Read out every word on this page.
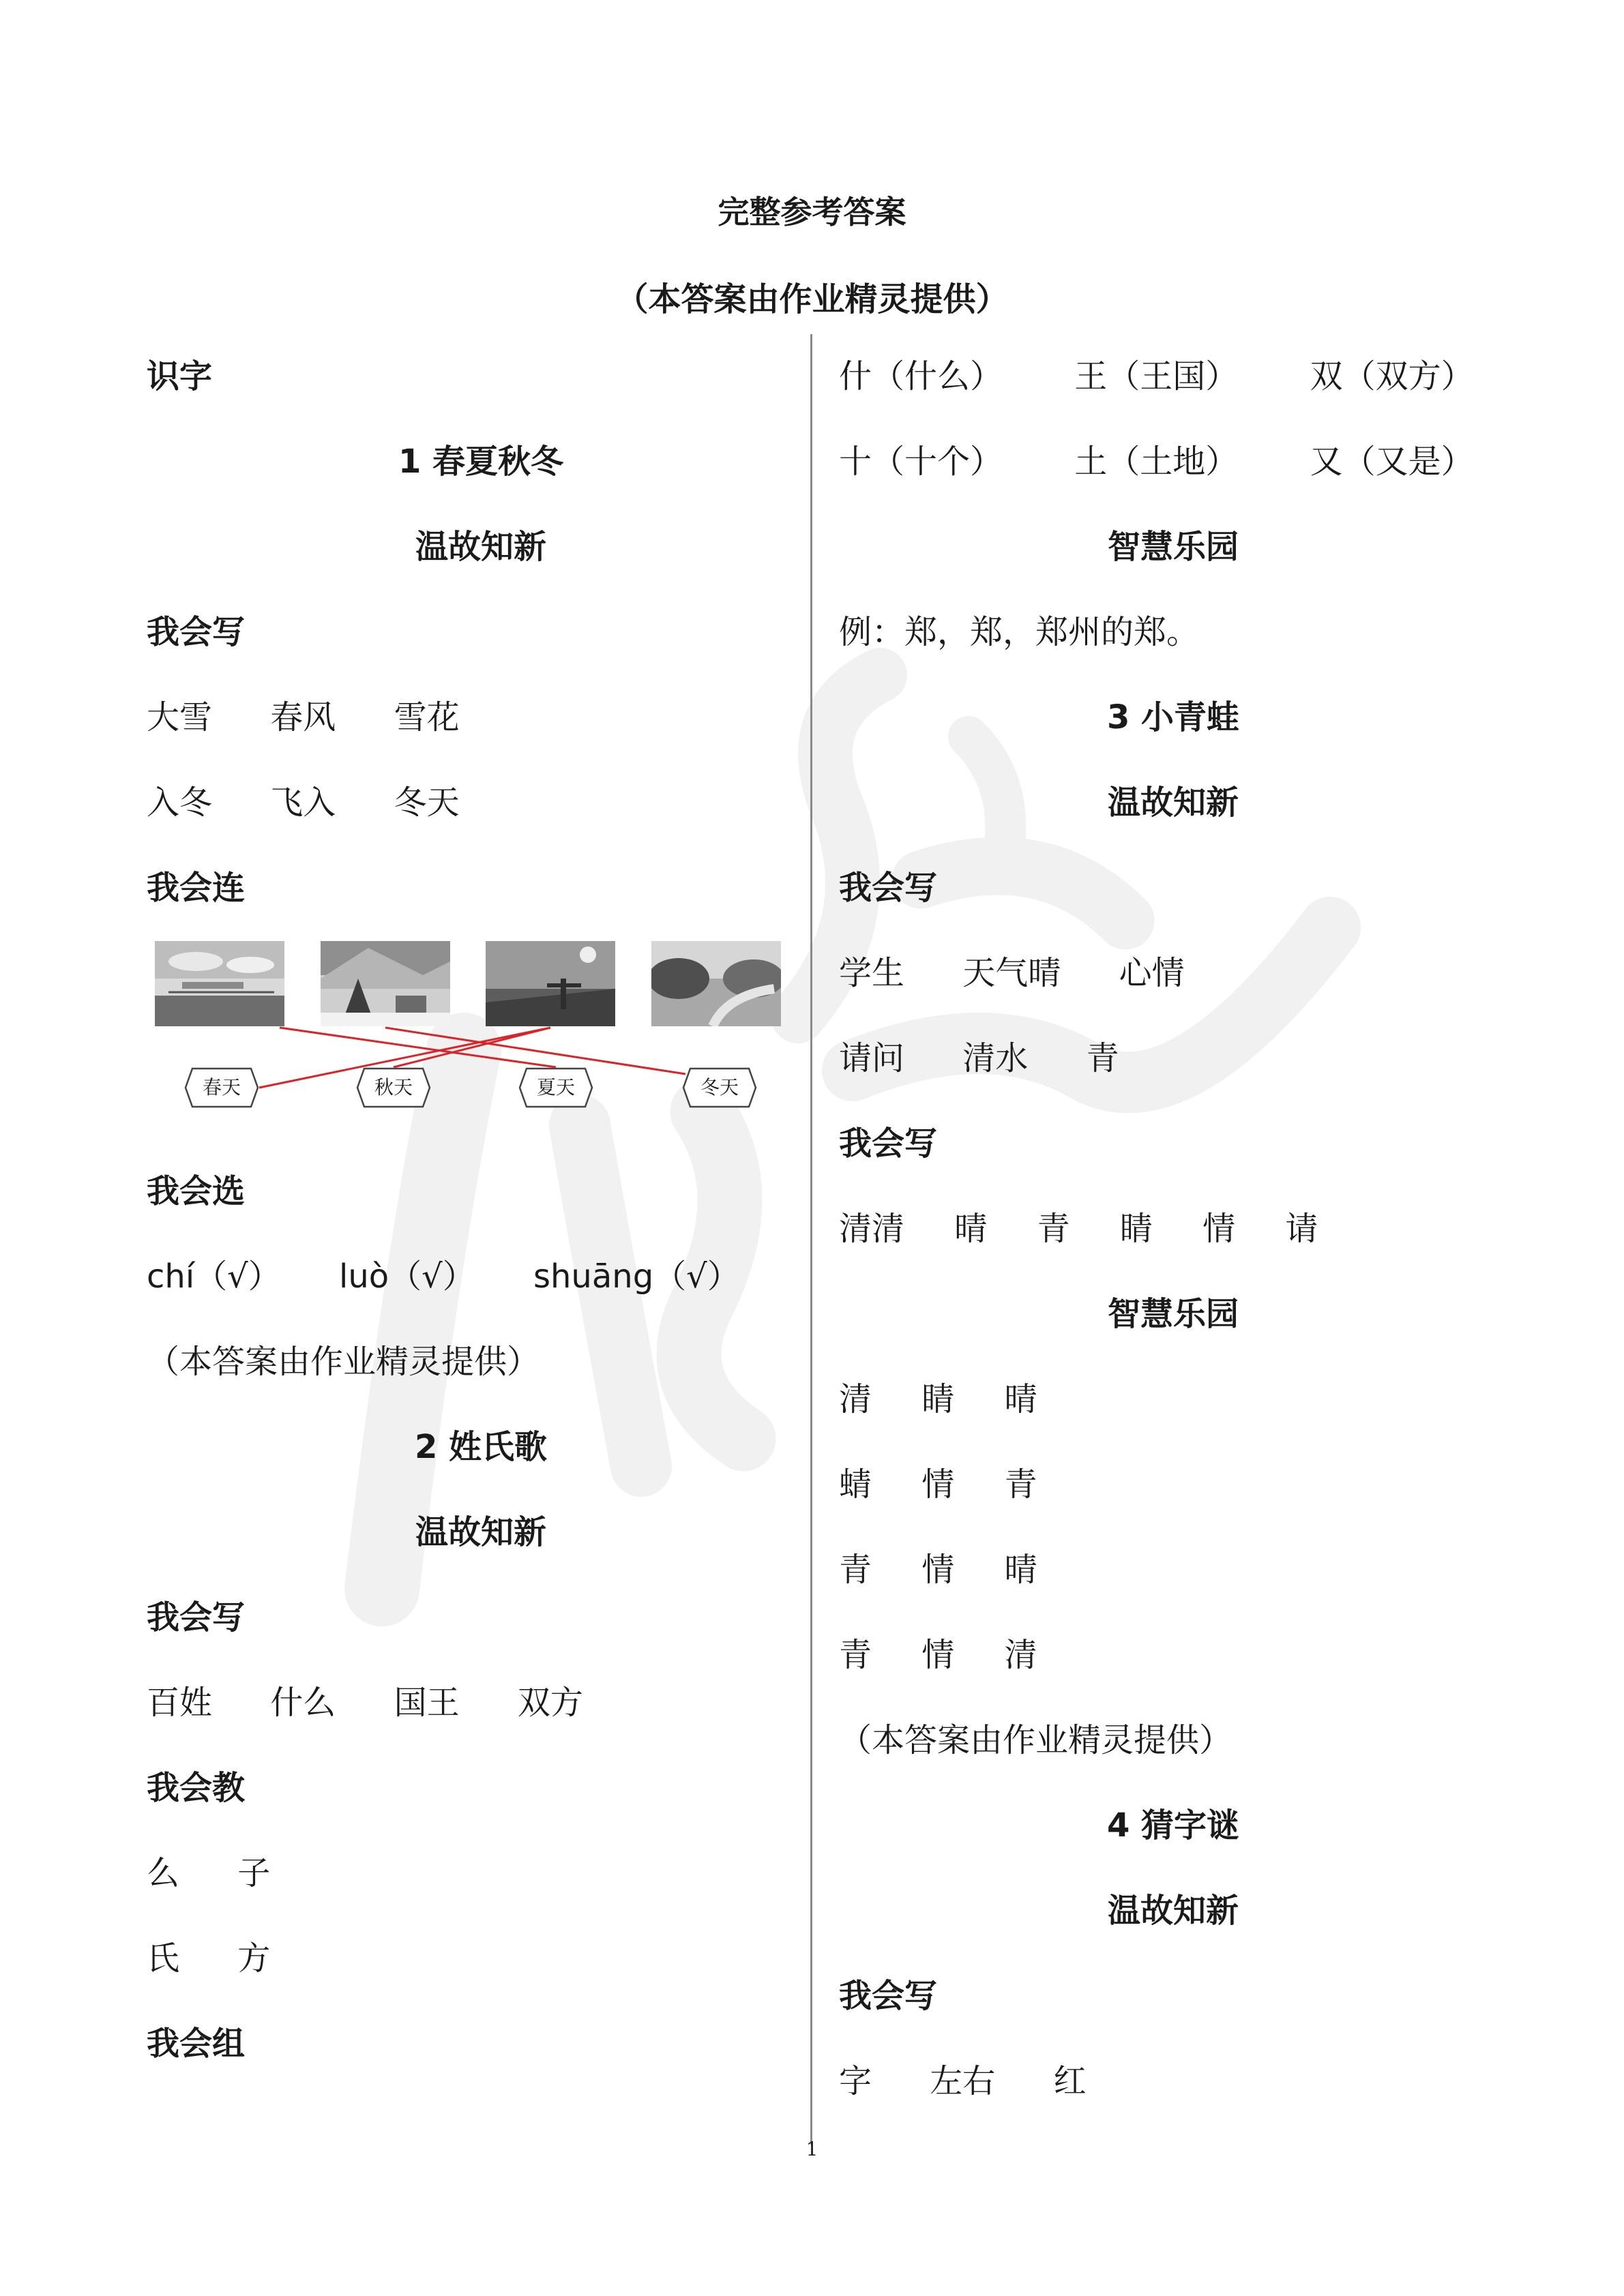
完整参考答案
（本答案由作业精灵提供）
识字
1 春夏秋冬
温故知新
我会写
大雪 春风 雪花
入冬 飞入 冬天
我会连
春天	秋天	夏天	冬天
我会选
chí（√） luò（√） shuāng（√）
（本答案由作业精灵提供）
2 姓氏歌
温故知新
我会写
百姓 什么 国王 双方
我会教
么 子
氏 方
我会组
什（什么） 王（王国） 双（双方）
十（十个） 土（土地） 又（又是）
智慧乐园
例：郑，郑，郑州的郑。
3 小青蛙
温故知新
我会写
学生 天气晴 心情
请问 清水 青
我会写
清清 晴 青 睛 情 请
智慧乐园
清 睛 晴
蜻 情 青
青 情 晴
青 情 清
（本答案由作业精灵提供）
4 猜字谜
温故知新
我会写
字 左右 红
1
